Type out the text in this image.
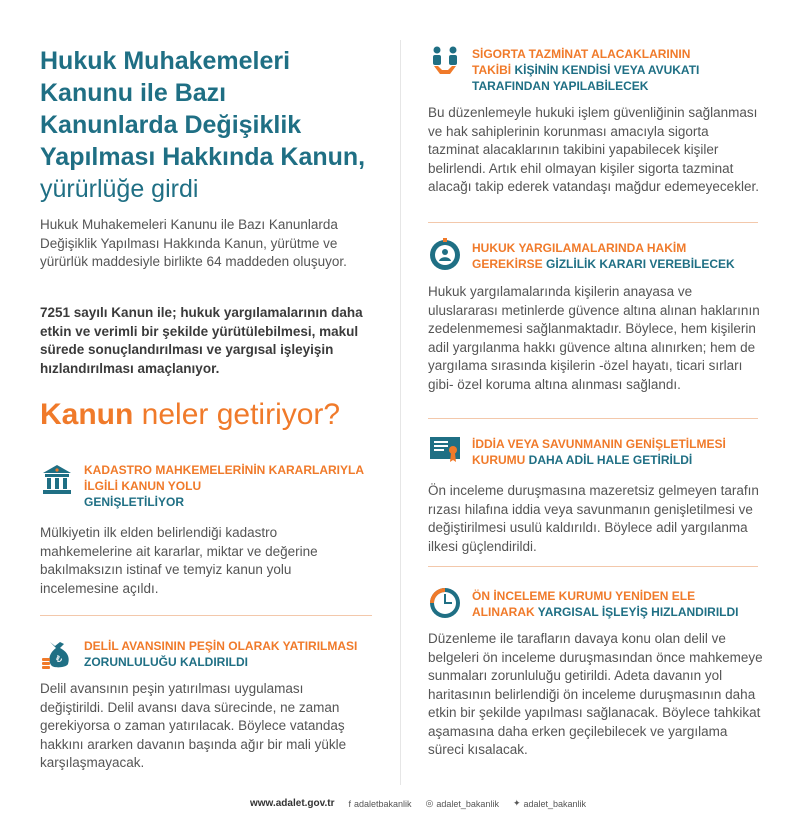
Hukuk Muhakemeleri Kanunu ile Bazı Kanunlarda Değişiklik Yapılması Hakkında Kanun, yürürlüğe girdi
Hukuk Muhakemeleri Kanunu ile Bazı Kanunlarda Değişiklik Yapılması Hakkında Kanun, yürütme ve yürürlük maddesiyle birlikte 64 maddeden oluşuyor.
7251 sayılı Kanun ile; hukuk yargılamalarının daha etkin ve verimli bir şekilde yürütülebilmesi, makul sürede sonuçlandırılması ve yargısal işleyişin hızlandırılması amaçlanıyor.
Kanun neler getiriyor?
KADASTRO MAHKEMELERİNİN KARARLARIYLA İLGİLİ KANUN YOLU
GENİŞLETİLİYOR
Mülkiyetin ilk elden belirlendiği kadastro mahkemelerine ait kararlar, miktar ve değerine bakılmaksızın istinaf ve temyiz kanun yolu incelemesine açıldı.
₺
DELİL AVANSININ PEŞİN OLARAK YATIRILMASI ZORUNLULUĞU KALDIRILDI
Delil avansının peşin yatırılması uygulaması değiştirildi. Delil avansı dava sürecinde, ne zaman gerekiyorsa o zaman yatırılacak. Böylece vatandaş hakkını ararken davanın başında ağır bir mali yükle karşılaşmayacak.
SİGORTA TAZMİNAT ALACAKLARININ
TAKİBİ KİŞİNİN KENDİSİ VEYA AVUKATI
TARAFINDAN YAPILABİLECEK
Bu düzenlemeyle hukuki işlem güvenliğinin sağlanması ve hak sahiplerinin korunması amacıyla sigorta tazminat alacaklarının takibini yapabilecek kişiler belirlendi. Artık ehil olmayan kişiler sigorta tazminat alacağı takip ederek vatandaşı mağdur edemeyecekler.
HUKUK YARGILAMALARINDA HAKİM
GEREKİRSE GİZLİLİK KARARI VEREBİLECEK
Hukuk yargılamalarında kişilerin anayasa ve uluslararası metinlerde güvence altına alınan haklarının zedelenmemesi sağlanmaktadır. Böylece, hem kişilerin adil yargılanma hakkı güvence altına alınırken; hem de yargılama sırasında kişilerin -özel hayatı, ticari sırları gibi- özel koruma altına alınması sağlandı.
İDDİA VEYA SAVUNMANIN GENİŞLETİLMESİ
KURUMU DAHA ADİL HALE GETİRİLDİ
Ön inceleme duruşmasına mazeretsiz gelmeyen tarafın rızası hilafına iddia veya savunmanın genişletilmesi ve değiştirilmesi usulü kaldırıldı. Böylece adil yargılanma ilkesi güçlendirildi.
ÖN İNCELEME KURUMU YENİDEN ELE
ALINARAK YARGISAL İŞLEYİŞ HIZLANDIRILDI
Düzenleme ile tarafların davaya konu olan delil ve belgeleri ön inceleme duruşmasından önce mahkemeye sunmaları zorunluluğu getirildi. Adeta davanın yol haritasının belirlendiği ön inceleme duruşmasının daha etkin bir şekilde yapılması sağlanacak. Böylece tahkikat aşamasına daha erken geçilebilecek ve yargılama süreci kısalacak.
www.adalet.gov.tr f adaletbakanlik ◎ adalet_bakanlik ✦ adalet_bakanlik
